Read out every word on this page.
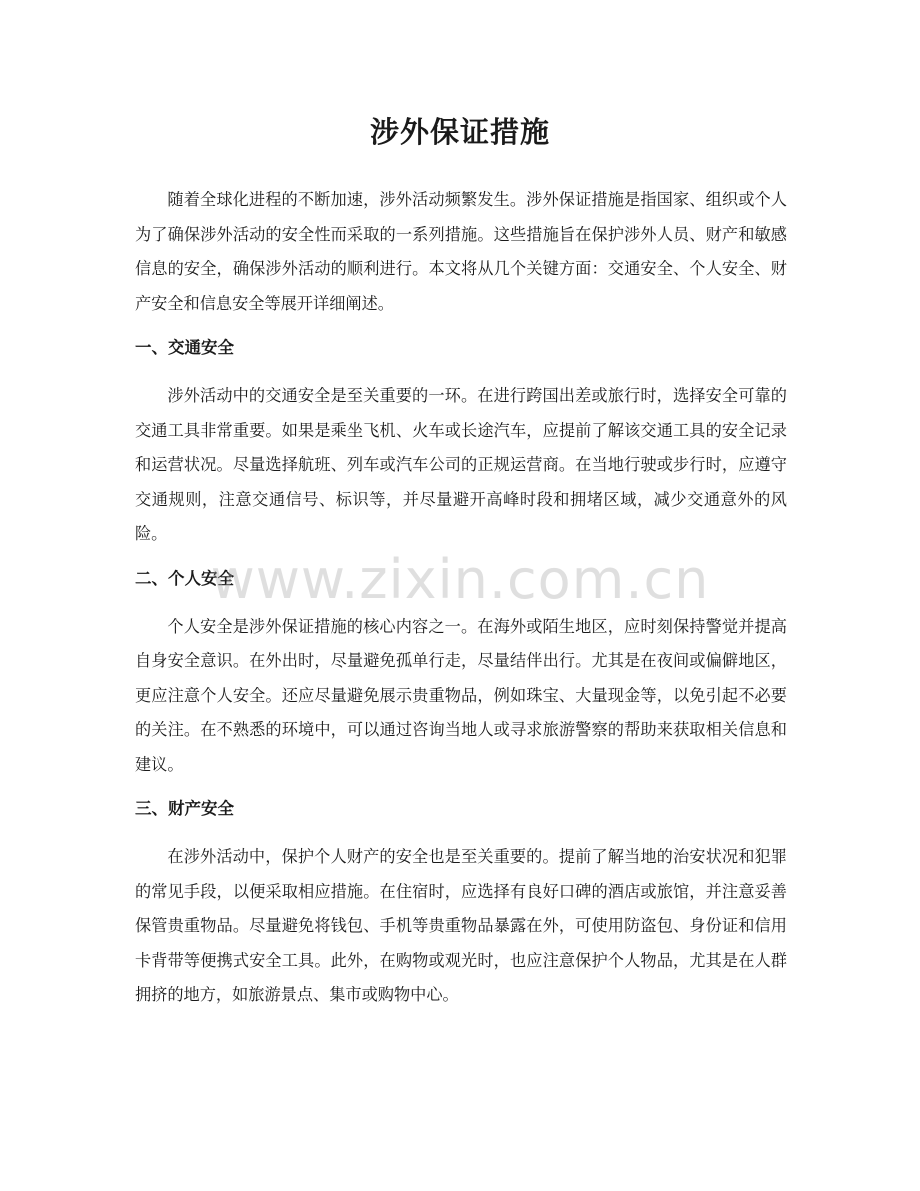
涉外保证措施

随着全球化进程的不断加速，涉外活动频繁发生。涉外保证措施是指国家、组织或个人为了确保涉外活动的安全性而采取的一系列措施。这些措施旨在保护涉外人员、财产和敏感信息的安全，确保涉外活动的顺利进行。本文将从几个关键方面：交通安全、个人安全、财产安全和信息安全等展开详细阐述。

一、交通安全

涉外活动中的交通安全是至关重要的一环。在进行跨国出差或旅行时，选择安全可靠的交通工具非常重要。如果是乘坐飞机、火车或长途汽车，应提前了解该交通工具的安全记录和运营状况。尽量选择航班、列车或汽车公司的正规运营商。在当地行驶或步行时，应遵守交通规则，注意交通信号、标识等，并尽量避开高峰时段和拥堵区域，减少交通意外的风险。

二、个人安全

个人安全是涉外保证措施的核心内容之一。在海外或陌生地区，应时刻保持警觉并提高自身安全意识。在外出时，尽量避免孤单行走，尽量结伴出行。尤其是在夜间或偏僻地区，更应注意个人安全。还应尽量避免展示贵重物品，例如珠宝、大量现金等，以免引起不必要的关注。在不熟悉的环境中，可以通过咨询当地人或寻求旅游警察的帮助来获取相关信息和建议。

三、财产安全

在涉外活动中，保护个人财产的安全也是至关重要的。提前了解当地的治安状况和犯罪的常见手段，以便采取相应措施。在住宿时，应选择有良好口碑的酒店或旅馆，并注意妥善保管贵重物品。尽量避免将钱包、手机等贵重物品暴露在外，可使用防盗包、身份证和信用卡背带等便携式安全工具。此外，在购物或观光时，也应注意保护个人物品，尤其是在人群拥挤的地方，如旅游景点、集市或购物中心。

www.zixin.com.cn
